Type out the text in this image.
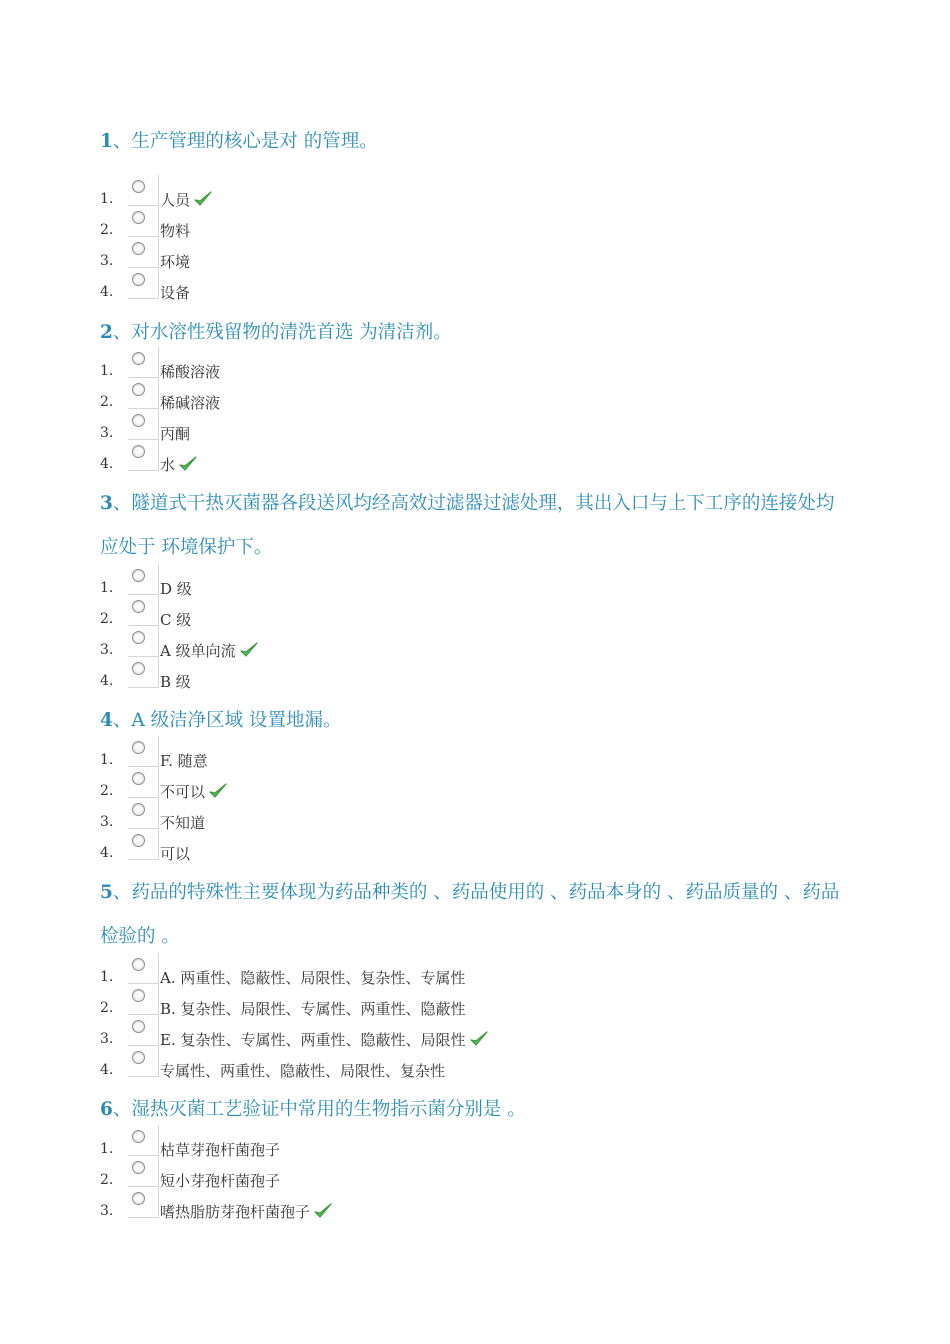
1、生产管理的核心是对 的管理。
1.	人员
2.	物料
3.	环境
4.	设备
2、对水溶性残留物的清洗首选 为清洁剂。
1.	稀酸溶液
2.	稀碱溶液
3.	丙酮
4.	水
3、隧道式干热灭菌器各段送风均经高效过滤器过滤处理，其出入口与上下工序的连接处均应处于 环境保护下。
1.	D 级
2.	C 级
3.	A 级单向流
4.	B 级
4、A 级洁净区域 设置地漏。
1.	F. 随意
2.	不可以
3.	不知道
4.	可以
5、药品的特殊性主要体现为药品种类的 、药品使用的 、药品本身的 、药品质量的 、药品检验的 。
1.	A. 两重性、隐蔽性、局限性、复杂性、专属性
2.	B. 复杂性、局限性、专属性、两重性、隐蔽性
3.	E. 复杂性、专属性、两重性、隐蔽性、局限性
4.	专属性、两重性、隐蔽性、局限性、复杂性
6、湿热灭菌工艺验证中常用的生物指示菌分别是 。
1.	枯草芽孢杆菌孢子
2.	短小芽孢杆菌孢子
3.	嗜热脂肪芽孢杆菌孢子
